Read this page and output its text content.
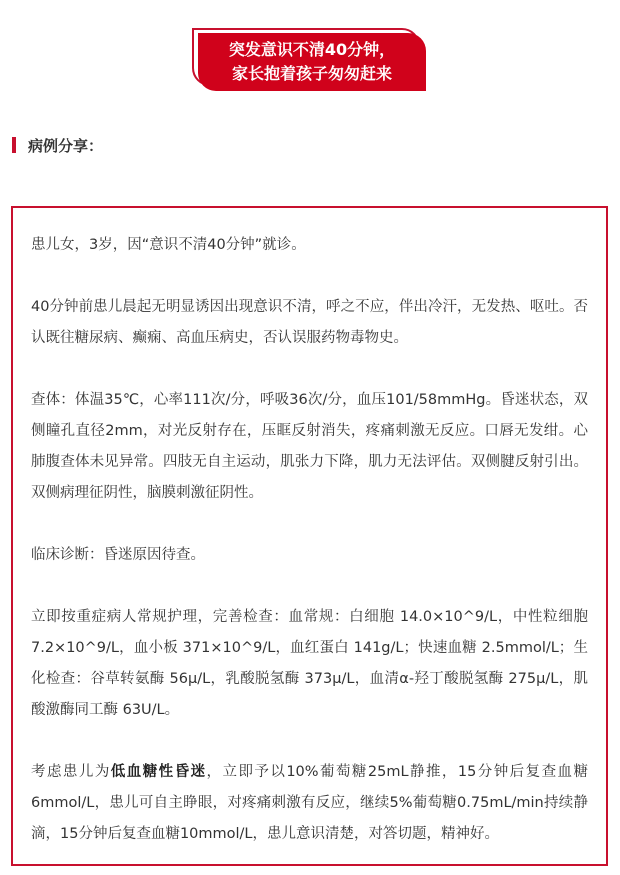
突发意识不清40分钟，
家长抱着孩子匆匆赶来
病例分享：

患儿女，3岁，因“意识不清40分钟”就诊。

40分钟前患儿晨起无明显诱因出现意识不清，呼之不应，伴出冷汗，无发热、呕吐。否认既往糖尿病、癫痫、高血压病史，否认误服药物毒物史。

查体：体温35℃，心率111次/分，呼吸36次/分，血压101/58mmHg。昏迷状态，双侧瞳孔直径2mm，对光反射存在，压眶反射消失，疼痛刺激无反应。口唇无发绀。心肺腹查体未见异常。四肢无自主运动，肌张力下降，肌力无法评估。双侧腱反射引出。双侧病理征阴性，脑膜刺激征阴性。

临床诊断：昏迷原因待查。

立即按重症病人常规护理，完善检查：血常规：白细胞 14.0×10^9/L，中性粒细胞 7.2×10^9/L，血小板 371×10^9/L，血红蛋白 141g/L；快速血糖 2.5mmol/L；生化检查：谷草转氨酶 56μ/L，乳酸脱氢酶 373μ/L，血清α-羟丁酸脱氢酶 275μ/L，肌酸激酶同工酶 63U/L。

考虑患儿为低血糖性昏迷，立即予以10%葡萄糖25mL静推，15分钟后复查血糖6mmol/L，患儿可自主睁眼，对疼痛刺激有反应，继续5%葡萄糖0.75mL/min持续静滴，15分钟后复查血糖10mmol/L，患儿意识清楚，对答切题，精神好。
